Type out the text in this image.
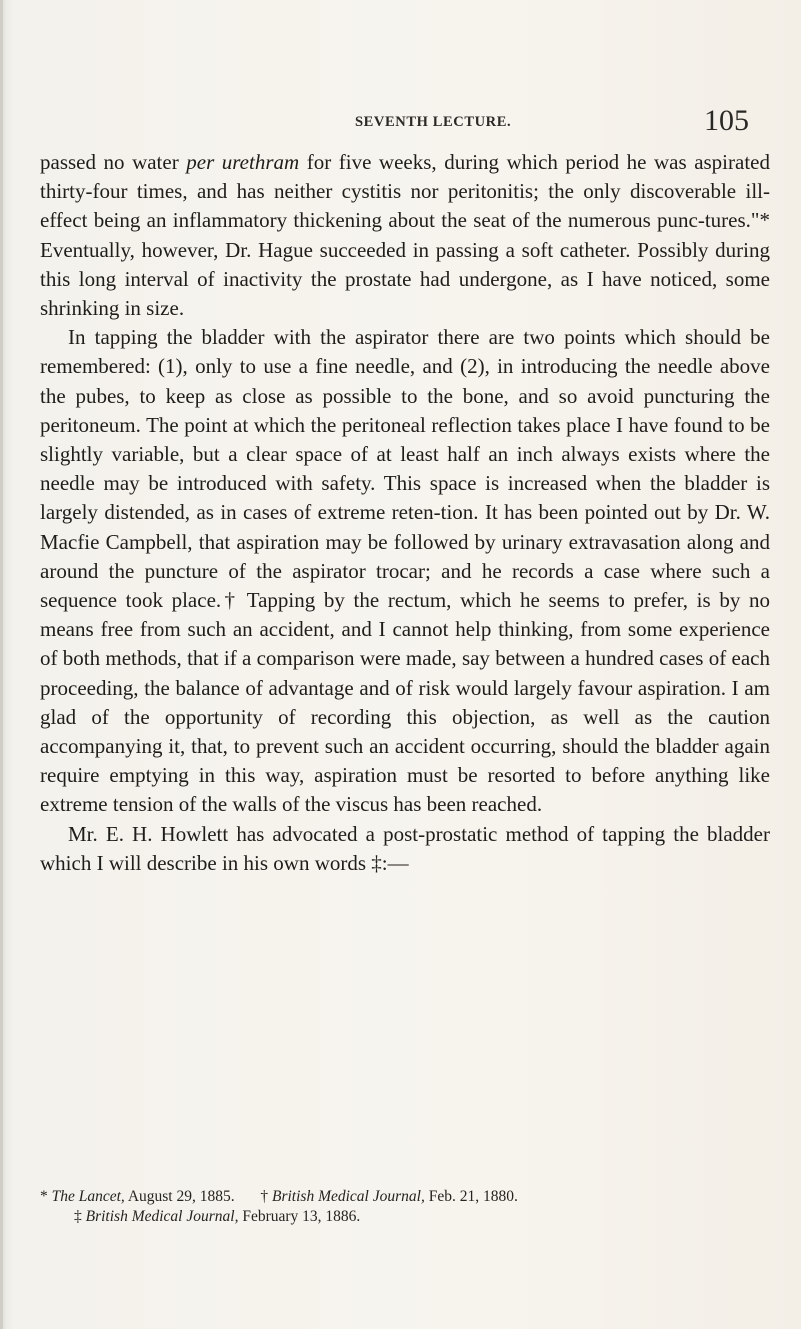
SEVENTH LECTURE.	105

passed no water per urethram for five weeks, during which period he was aspirated thirty-four times, and has neither cystitis nor peritonitis; the only discoverable ill-effect being an inflammatory thickening about the seat of the numerous punc-tures."* Eventually, however, Dr. Hague succeeded in passing a soft catheter. Possibly during this long interval of inactivity the prostate had undergone, as I have noticed, some shrinking in size.

In tapping the bladder with the aspirator there are two points which should be remembered: (1), only to use a fine needle, and (2), in introducing the needle above the pubes, to keep as close as possible to the bone, and so avoid puncturing the peritoneum. The point at which the peritoneal reflection takes place I have found to be slightly variable, but a clear space of at least half an inch always exists where the needle may be introduced with safety. This space is increased when the bladder is largely distended, as in cases of extreme reten-tion. It has been pointed out by Dr. W. Macfie Campbell, that aspiration may be followed by urinary extravasation along and around the puncture of the aspirator trocar; and he records a case where such a sequence took place.† Tapping by the rectum, which he seems to prefer, is by no means free from such an accident, and I cannot help thinking, from some experience of both methods, that if a comparison were made, say between a hundred cases of each proceeding, the balance of advantage and of risk would largely favour aspiration. I am glad of the opportunity of recording this objection, as well as the caution accompanying it, that, to prevent such an accident occurring, should the bladder again require emptying in this way, aspiration must be resorted to before anything like extreme tension of the walls of the viscus has been reached.

Mr. E. H. Howlett has advocated a post-prostatic method of tapping the bladder which I will describe in his own words ‡:—

* The Lancet, August 29, 1885. † British Medical Journal, Feb. 21, 1880.
‡ British Medical Journal, February 13, 1886.
